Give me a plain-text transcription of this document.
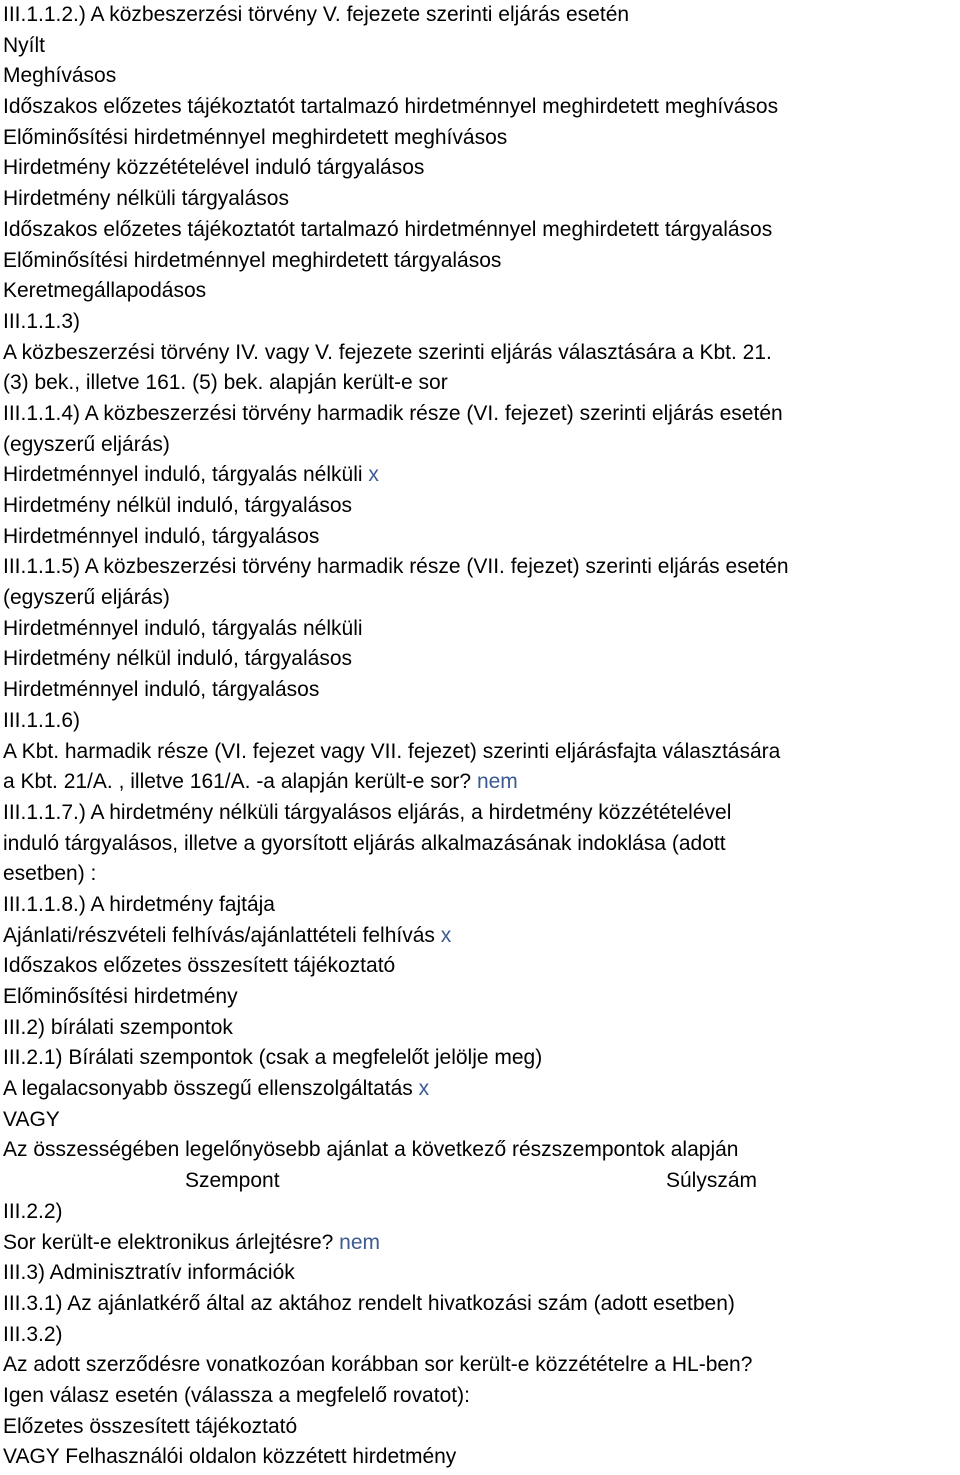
III.1.1.2.) A közbeszerzési törvény V. fejezete szerinti eljárás esetén
Nyílt
Meghívásos
Időszakos előzetes tájékoztatót tartalmazó hirdetménnyel meghirdetett meghívásos
Előminősítési hirdetménnyel meghirdetett meghívásos
Hirdetmény közzétételével induló tárgyalásos
Hirdetmény nélküli tárgyalásos
Időszakos előzetes tájékoztatót tartalmazó hirdetménnyel meghirdetett tárgyalásos
Előminősítési hirdetménnyel meghirdetett tárgyalásos
Keretmegállapodásos
III.1.1.3)
A közbeszerzési törvény IV. vagy V. fejezete szerinti eljárás választására a Kbt. 21.
(3) bek., illetve 161. (5) bek. alapján került-e sor
III.1.1.4) A közbeszerzési törvény harmadik része (VI. fejezet) szerinti eljárás esetén
(egyszerű eljárás)
Hirdetménnyel induló, tárgyalás nélküli x
Hirdetmény nélkül induló, tárgyalásos
Hirdetménnyel induló, tárgyalásos
III.1.1.5) A közbeszerzési törvény harmadik része (VII. fejezet) szerinti eljárás esetén
(egyszerű eljárás)
Hirdetménnyel induló, tárgyalás nélküli
Hirdetmény nélkül induló, tárgyalásos
Hirdetménnyel induló, tárgyalásos
III.1.1.6)
A Kbt. harmadik része (VI. fejezet vagy VII. fejezet) szerinti eljárásfajta választására
a Kbt. 21/A. , illetve 161/A. -a alapján került-e sor? nem
III.1.1.7.) A hirdetmény nélküli tárgyalásos eljárás, a hirdetmény közzétételével
induló tárgyalásos, illetve a gyorsított eljárás alkalmazásának indoklása (adott
esetben) :
III.1.1.8.) A hirdetmény fajtája
Ajánlati/részvételi felhívás/ajánlattételi felhívás x
Időszakos előzetes összesített tájékoztató
Előminősítési hirdetmény
III.2) bírálati szempontok
III.2.1) Bírálati szempontok (csak a megfelelőt jelölje meg)
A legalacsonyabb összegű ellenszolgáltatás x
VAGY
Az összességében legelőnyösebb ajánlat a következő részszempontok alapján
Szempont	Súlyszám
III.2.2)
Sor került-e elektronikus árlejtésre? nem
III.3) Adminisztratív információk
III.3.1) Az ajánlatkérő által az aktához rendelt hivatkozási szám (adott esetben)
III.3.2)
Az adott szerződésre vonatkozóan korábban sor került-e közzétételre a HL-ben?
Igen válasz esetén (válassza a megfelelő rovatot):
Előzetes összesített tájékoztató
VAGY Felhasználói oldalon közzétett hirdetmény
